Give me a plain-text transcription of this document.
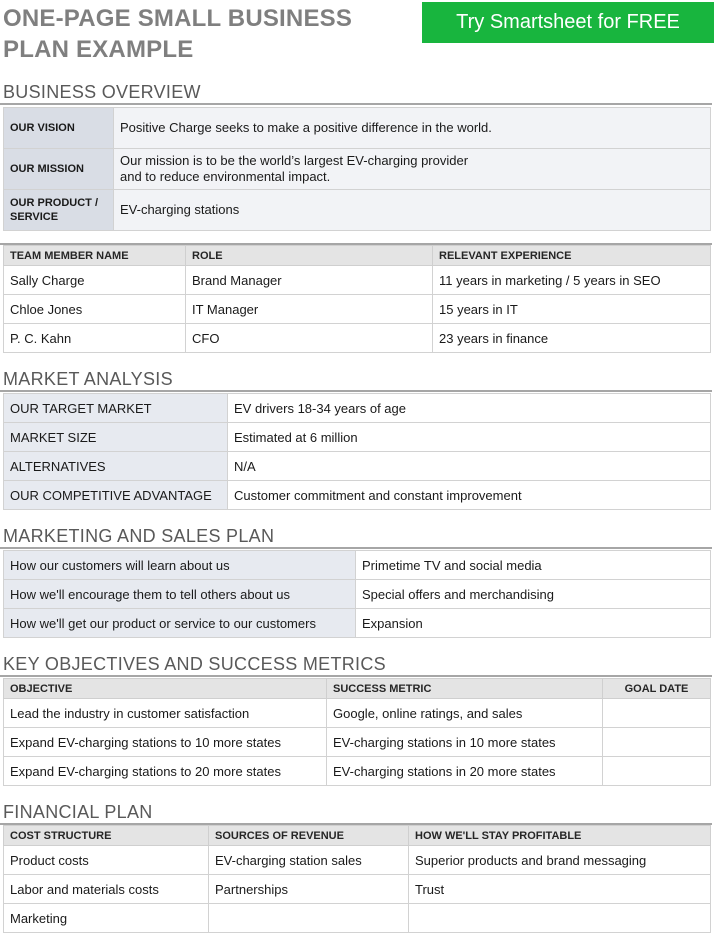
ONE-PAGE SMALL BUSINESS PLAN EXAMPLE
Try Smartsheet for FREE
BUSINESS OVERVIEW
OUR VISION	Positive Charge seeks to make a positive difference in the world.
OUR MISSION	Our mission is to be the world’s largest EV-charging provider
and to reduce environmental impact.
OUR PRODUCT / SERVICE	EV-charging stations
TEAM MEMBER NAME	ROLE	RELEVANT EXPERIENCE
Sally Charge	Brand Manager	11 years in marketing / 5 years in SEO
Chloe Jones	IT Manager	15 years in IT
P. C. Kahn	CFO	23 years in finance
MARKET ANALYSIS
OUR TARGET MARKET	EV drivers 18-34 years of age
MARKET SIZE	Estimated at 6 million
ALTERNATIVES	N/A
OUR COMPETITIVE ADVANTAGE	Customer commitment and constant improvement
MARKETING AND SALES PLAN
How our customers will learn about us	Primetime TV and social media
How we'll encourage them to tell others about us	Special offers and merchandising
How we'll get our product or service to our customers	Expansion
KEY OBJECTIVES AND SUCCESS METRICS
OBJECTIVE	SUCCESS METRIC	GOAL DATE
Lead the industry in customer satisfaction	Google, online ratings, and sales	
Expand EV-charging stations to 10 more states	EV-charging stations in 10 more states	
Expand EV-charging stations to 20 more states	EV-charging stations in 20 more states	
FINANCIAL PLAN
COST STRUCTURE	SOURCES OF REVENUE	HOW WE'LL STAY PROFITABLE
Product costs	EV-charging station sales	Superior products and brand messaging
Labor and materials costs	Partnerships	Trust
Marketing		
